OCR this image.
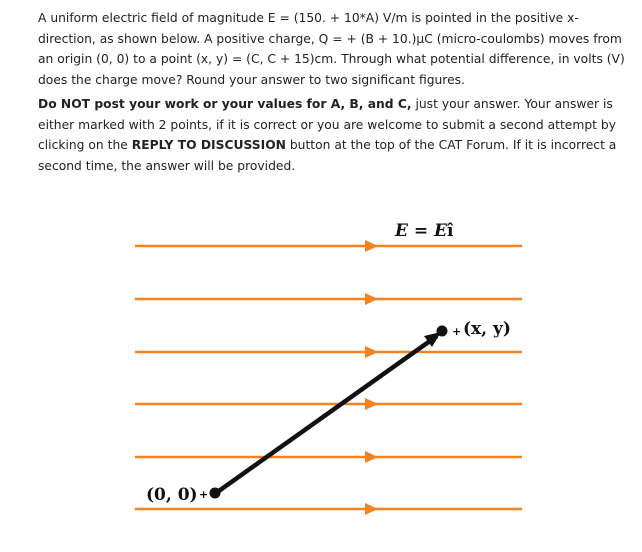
A uniform electric field of magnitude E = (150. + 10*A) V/m is pointed in the positive x-direction, as shown below. A positive charge, Q = + (B + 10.)µC (micro-coulombs) moves from an origin (0, 0) to a point (x, y) = (C, C + 15)cm. Through what potential difference, in volts (V) does the charge move? Round your answer to two significant figures.

Do NOT post your work or your values for A, B, and C, just your answer. Your answer is either marked with 2 points, if it is correct or you are welcome to submit a second attempt by clicking on the REPLY TO DISCUSSION button at the top of the CAT Forum. If it is incorrect a second time, the answer will be provided.

E = Eî
(0, 0) +
+ (x, y)
